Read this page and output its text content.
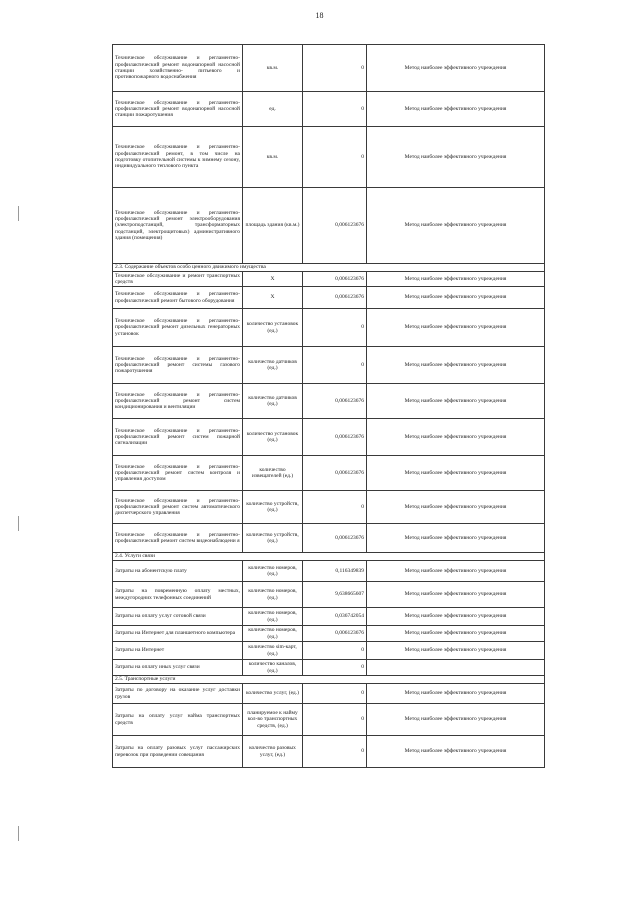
18
Техническое обслуживание и регламентно- профилактический ремонт водонапорной насосной станции хозяйственно- питьевого и противопожарного водоснабжения	кв.м.	0	Метод наиболее эффективного учреждения
Техническое обслуживание и регламентно- профилактический ремонт водонапорной насосной станции пожаротушения	ед.	0	Метод наиболее эффективного учреждения
Техническое обслуживание и регламентно- профилактический ремонт, в том числе на подготовку отопительной системы к зимнему сезону, индивидуального теплового пункта	кв.м.	0	Метод наиболее эффективного учреждения
Техническое обслуживание и регламентно- профилактический ремонт электрооборудования (электроподстанций, трансформаторных подстанций, электрощитовых) административного здания (помещения)	площадь здания (кв.м.)	0,006123676	Метод наиболее эффективного учреждения
2.3. Содержание объектов особо ценного движимого имущества			
Техническое обслуживание и ремонт транспортных средств	X	0,006123676	Метод наиболее эффективного учреждения
Техническое обслуживание и регламентно- профилактический ремонт бытового оборудования	X	0,006123676	Метод наиболее эффективного учреждения
Техническое обслуживание и регламентно- профилактический ремонт дизельных генераторных установок	количество установок (ед.)	0	Метод наиболее эффективного учреждения
Техническое обслуживание и регламентно- профилактический ремонт системы газового пожаротушения	количество датчиков (ед.)	0	Метод наиболее эффективного учреждения
Техническое обслуживание и регламентно- профилактический ремонт систем кондиционирования и вентиляции	количество датчиков (ед.)	0,006123676	Метод наиболее эффективного учреждения
Техническое обслуживание и регламентно- профилактический ремонт систем пожарной сигнализации	количество установок (ед.)	0,006123676	Метод наиболее эффективного учреждения
Техническое обслуживание и регламентно- профилактический ремонт систем контроля и управления доступом	количество извещателей (ед.)	0,006123676	Метод наиболее эффективного учреждения
Техническое обслуживание и регламентно- профилактический ремонт систем автоматического диспетчерского управления	количество устройств, (ед.)	0	Метод наиболее эффективного учреждения
Техническое обслуживание и регламентно- профилактический ремонт систем видеонаблюдени я	количество устройств, (ед.)	0,006123676	Метод наиболее эффективного учреждения
2.4. Услуги связи			
Затраты на абонентскую плату	количество номеров, (ед.)	0,116349839	Метод наиболее эффективного учреждения
Затраты на повременную оплату местных, междугородних телефонных соединений	количество номеров, (ед.)	9,638665607	Метод наиболее эффективного учреждения
Затраты на оплату услуг сотовой связи	количество номеров, (ед.)	0,036742054	Метод наиболее эффективного учреждения
Затраты на Интернет для планшетного компьютера	количество номеров, (ед.)	0,006123676	Метод наиболее эффективного учреждения
Затраты на Интернет	количество sim-карт, (ед.)	0	Метод наиболее эффективного учреждения
Затраты на оплату иных услуг связи	количество каналов, (ед.)	0	
2.5. Транспортные услуги			
Затраты по договору на оказание услуг доставки грузов	количество услуг, (ед.)	0	Метод наиболее эффективного учреждения
Затраты на оплату услуг найма транспортных средств	планируемое к найму кол-во транспортных средств, (ед.)	0	Метод наиболее эффективного учреждения
Затраты на оплату разовых услуг пассажирских перевозок при проведении совещания	количество разовых услуг, (ед.)	0	Метод наиболее эффективного учреждения
